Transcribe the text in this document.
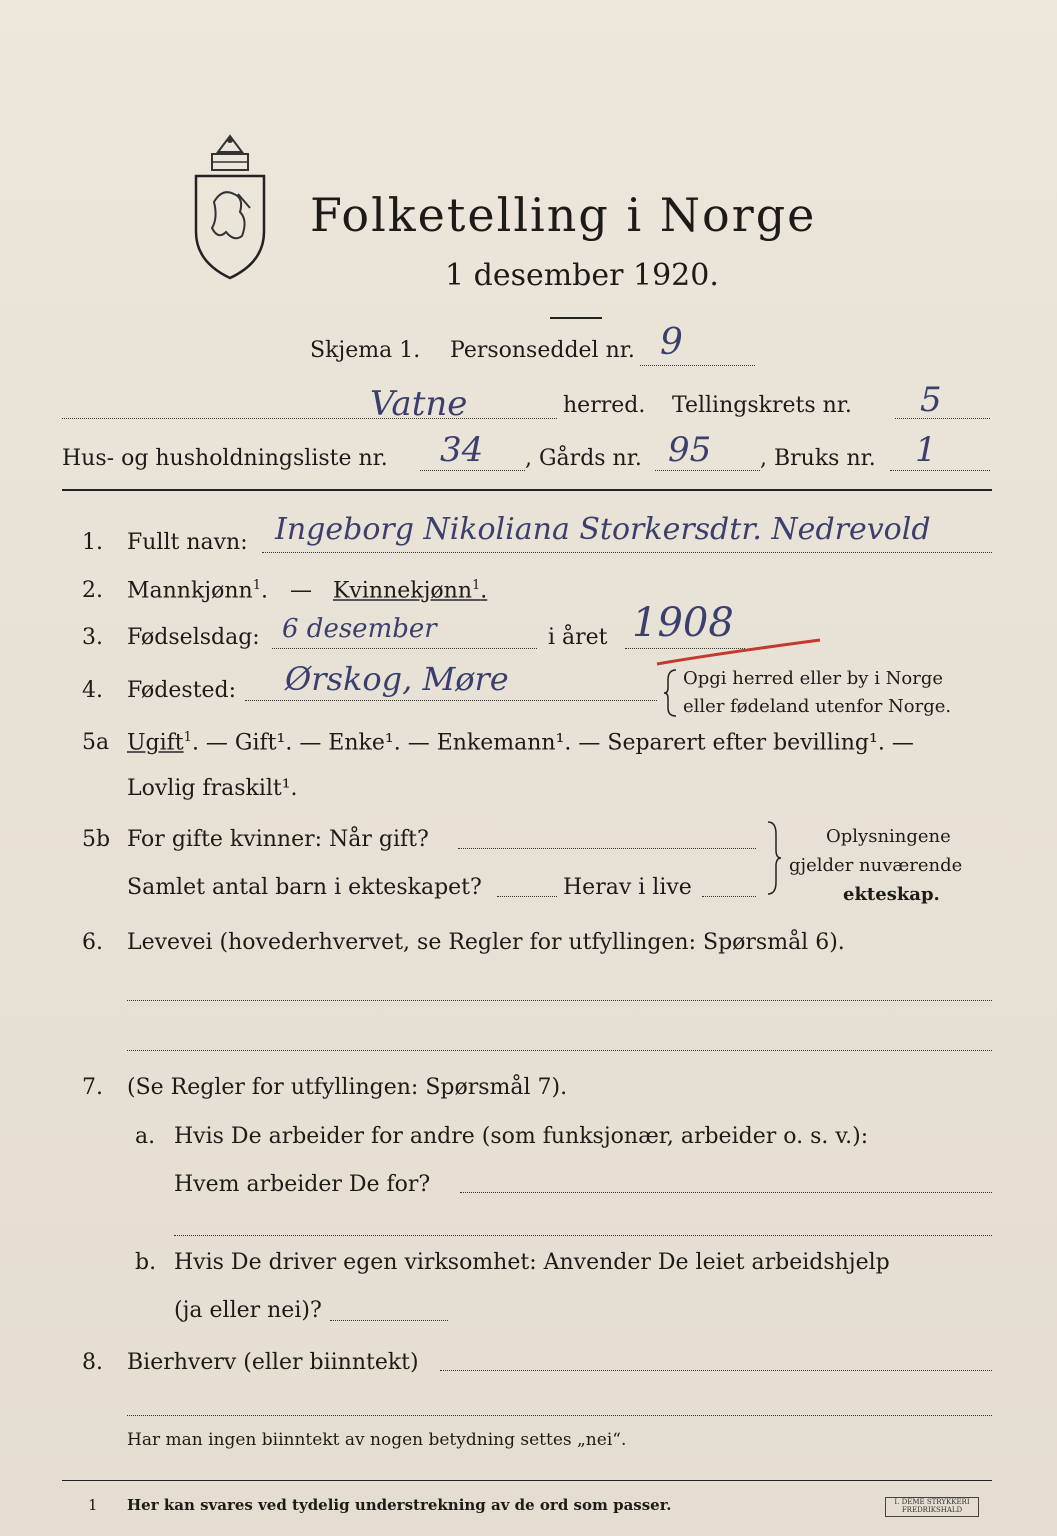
Folketelling i Norge
1 desember 1920.
Skjema 1. Personseddel nr. 9
Vatne	herred. Tellingskrets nr. 5
Hus- og husholdningsliste nr. 34 , Gårds nr. 95 , Bruks nr. 1
1. Fullt navn: Ingeborg Nikoliana Storkersdtr. Nedrevold
2. Mannkjønn$^1$. — Kvinnekjønn$^1$.
3. Fødselsdag: 6 desember	i året 1908
4. Fødested: Ørskog, Møre	Opgi herred eller by i Norge
eller fødeland utenfor Norge.
5a Ugift$^1$. — Gift¹. — Enke¹. — Enkemann¹. — Separert efter bevilling¹. —
Lovlig fraskilt¹.
5b For gifte kvinner: Når gift?
Samlet antal barn i ekteskapet?	Herav i live
Oplysningene
gjelder nuværende
ekteskap.
6. Levevei (hovederhvervet, se Regler for utfyllingen: Spørsmål 6).
7. (Se Regler for utfyllingen: Spørsmål 7).
a. Hvis De arbeider for andre (som funksjonær, arbeider o. s. v.):
Hvem arbeider De for?
b. Hvis De driver egen virksomhet: Anvender De leiet arbeidshjelp
(ja eller nei)?
8. Bierhverv (eller biinntekt)
Har man ingen biinntekt av nogen betydning settes „nei“.
1 Her kan svares ved tydelig understrekning av de ord som passer.	I. DEME STRYKKERI
FREDRIKSHALD
